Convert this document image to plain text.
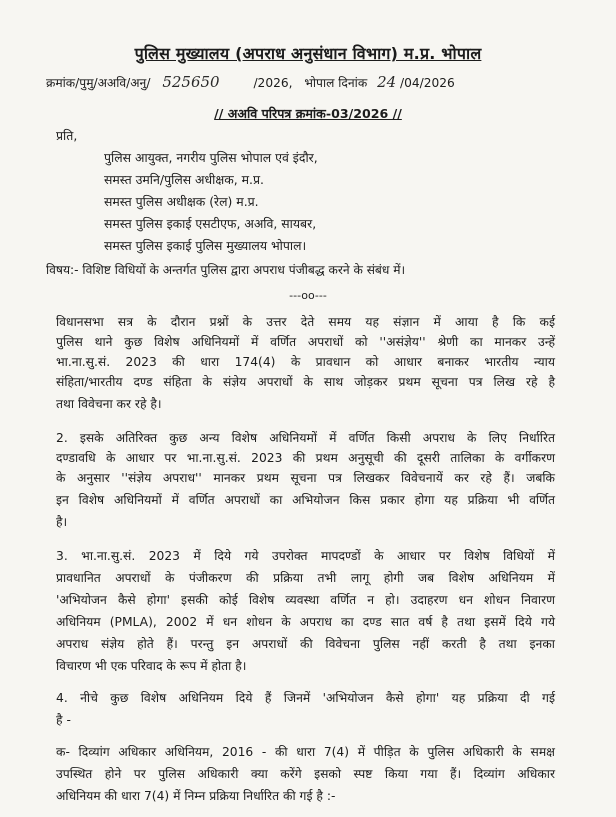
पुलिस मुख्यालय (अपराध अनुसंधान विभाग) म.प्र. भोपाल
क्रमांक/पुमु/अअवि/अनु/ 525650	/2026, भोपाल दिनांक 24 /04/2026
// अअवि परिपत्र क्रमांक-03/2026 //
प्रति,
पुलिस आयुक्त, नगरीय पुलिस भोपाल एवं इंदौर,
समस्त उमनि/पुलिस अधीक्षक, म.प्र.
समस्त पुलिस अधीक्षक (रेल) म.प्र.
समस्त पुलिस इकाई एसटीएफ, अअवि, सायबर,
समस्त पुलिस इकाई पुलिस मुख्यालय भोपाल।
विषय:- विशिष्ट विधियों के अन्तर्गत पुलिस द्वारा अपराध पंजीबद्ध करने के संबंध में।
---oo---
विधानसभा सत्र के दौरान प्रश्नों के उत्तर देते समय यह संज्ञान में आया है कि कई
पुलिस थाने कुछ विशेष अधिनियमों में वर्णित अपराधों को ''असंज्ञेय'' श्रेणी का मानकर उन्हें
भा.ना.सु.सं. 2023 की धारा 174(4) के प्रावधान को आधार बनाकर भारतीय न्याय
संहिता/भारतीय दण्ड संहिता के संज्ञेय अपराधों के साथ जोड़कर प्रथम सूचना पत्र लिख रहे है
तथा विवेचना कर रहे है।
2. इसके अतिरिक्त कुछ अन्य विशेष अधिनियमों में वर्णित किसी अपराध के लिए निर्धारित
दण्डावधि के आधार पर भा.ना.सु.सं. 2023 की प्रथम अनुसूची की दूसरी तालिका के वर्गीकरण
के अनुसार ''संज्ञेय अपराध'' मानकर प्रथम सूचना पत्र लिखकर विवेचनायें कर रहे हैं। जबकि
इन विशेष अधिनियमों में वर्णित अपराधों का अभियोजन किस प्रकार होगा यह प्रक्रिया भी वर्णित
है।
3. भा.ना.सु.सं. 2023 में दिये गये उपरोक्त मापदण्डों के आधार पर विशेष विधियों में
प्रावधानित अपराधों के पंजीकरण की प्रक्रिया तभी लागू होगी जब विशेष अधिनियम में
'अभियोजन कैसे होगा' इसकी कोई विशेष व्यवस्था वर्णित न हो। उदाहरण धन शोधन निवारण
अधिनियम (PMLA), 2002 में धन शोधन के अपराध का दण्ड सात वर्ष है तथा इसमें दिये गये
अपराध संज्ञेय होते हैं। परन्तु इन अपराधों की विवेचना पुलिस नहीं करती है तथा इनका
विचारण भी एक परिवाद के रूप में होता है।
4. नीचे कुछ विशेष अधिनियम दिये हैं जिनमें 'अभियोजन कैसे होगा' यह प्रक्रिया दी गई
है -
क- दिव्यांग अधिकार अधिनियम, 2016 - की धारा 7(4) में पीड़ित के पुलिस अधिकारी के समक्ष
उपस्थित होने पर पुलिस अधिकारी क्या करेंगे इसको स्पष्ट किया गया हैं। दिव्यांग अधिकार
अधिनियम की धारा 7(4) में निम्न प्रक्रिया निर्धारित की गई है :-
